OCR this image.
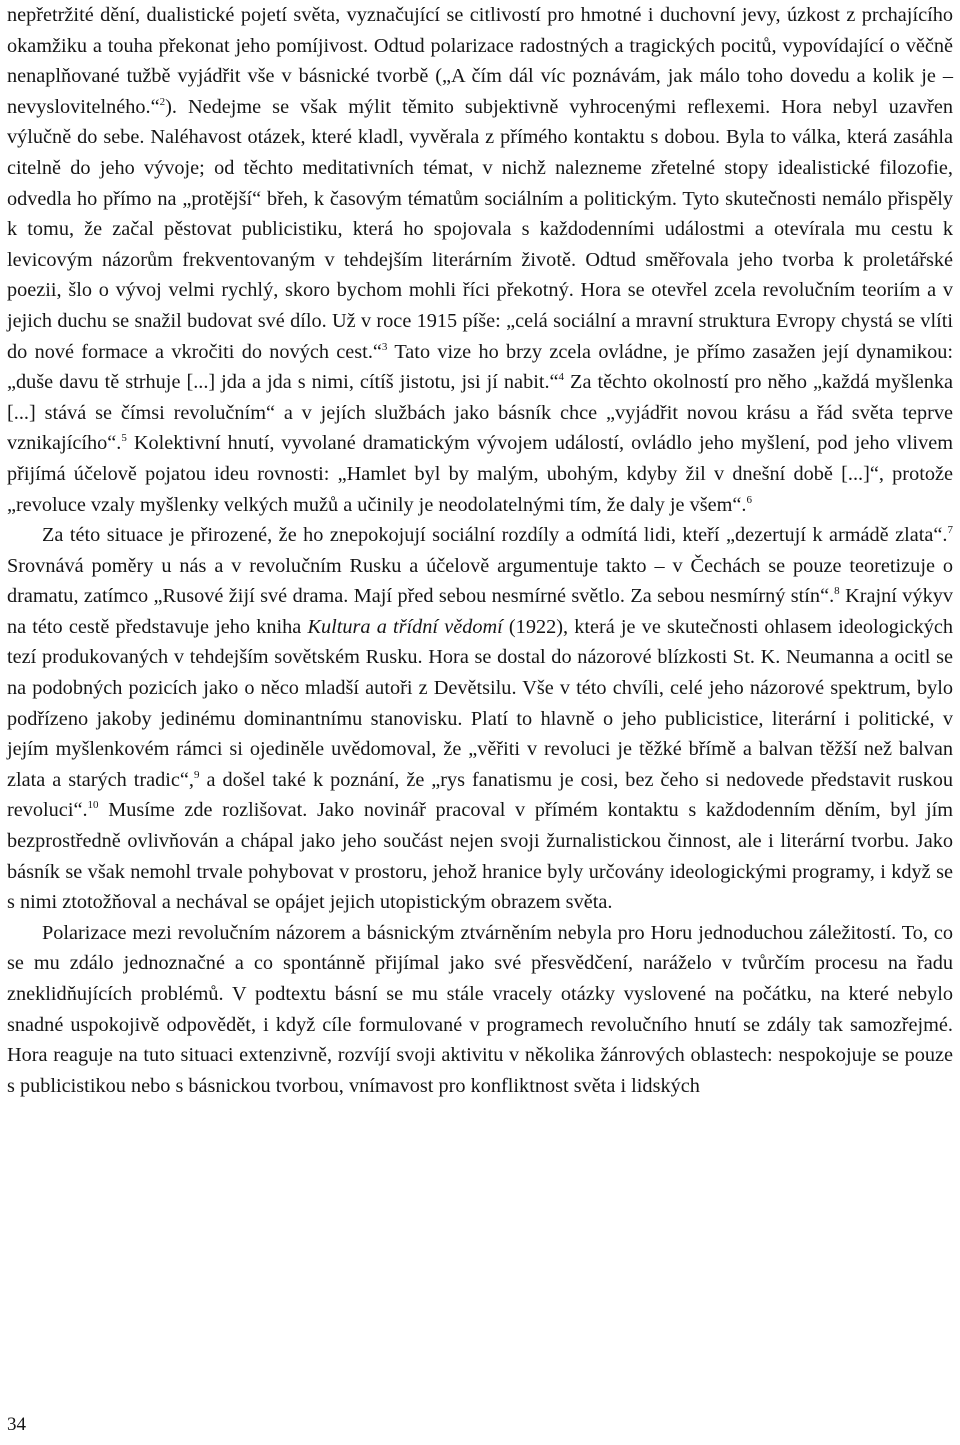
nepřetržité dění, dualistické pojetí světa, vyznačující se citlivostí pro hmotné i duchovní jevy, úzkost z prchajícího okamžiku a touha překonat jeho pomíjivost. Odtud polarizace radostných a tragických pocitů, vypovídající o věčně nenaplňované tužbě vyjádřit vše v básnické tvorbě („A čím dál víc poznávám, jak málo toho dovedu a kolik je – nevyslovitelného.“$^2$). Nedejme se však mýlit těmito subjektivně vyhrocenými reflexemi. Hora nebyl uzavřen výlučně do sebe. Naléhavost otázek, které kladl, vyvěrala z přímého kontaktu s dobou. Byla to válka, která zasáhla citelně do jeho vývoje; od těchto meditativních témat, v nichž nalezneme zřetelné stopy idealistické filozofie, odvedla ho přímo na „protější“ břeh, k časovým tématům sociálním a politickým. Tyto skutečnosti nemálo přispěly k tomu, že začal pěstovat publicistiku, která ho spojovala s každodenními událostmi a otevírala mu cestu k levicovým názorům frekventovaným v tehdejším literárním životě. Odtud směřovala jeho tvorba k proletářské poezii, šlo o vývoj velmi rychlý, skoro bychom mohli říci překotný. Hora se otevřel zcela revolučním teoriím a v jejich duchu se snažil budovat své dílo. Už v roce 1915 píše: „celá sociální a mravní struktura Evropy chystá se vlíti do nové formace a vkročiti do nových cest.“$^3$ Tato vize ho brzy zcela ovládne, je přímo zasažen její dynamikou: „duše davu tě strhuje [...] jda a jda s nimi, cítíš jistotu, jsi jí nabit.“$^4$ Za těchto okolností pro něho „každá myšlenka [...] stává se čímsi revolučním“ a v jejích službách jako básník chce „vyjádřit novou krásu a řád světa teprve vznikajícího“.$^5$ Kolektivní hnutí, vyvolané dramatickým vývojem událostí, ovládlo jeho myšlení, pod jeho vlivem přijímá účelově pojatou ideu rovnosti: „Hamlet byl by malým, ubohým, kdyby žil v dnešní době [...]“, protože „revoluce vzaly myšlenky velkých mužů a učinily je neodolatelnými tím, že daly je všem“.$^6$

Za této situace je přirozené, že ho znepokojují sociální rozdíly a odmítá lidi, kteří „dezertují k armádě zlata“.$^7$ Srovnává poměry u nás a v revolučním Rusku a účelově argumentuje takto – v Čechách se pouze teoretizuje o dramatu, zatímco „Rusové žijí své drama. Mají před sebou nesmírné světlo. Za sebou nesmírný stín“.$^8$ Krajní výkyv na této cestě představuje jeho kniha Kultura a třídní vědomí (1922), která je ve skutečnosti ohlasem ideologických tezí produkovaných v tehdejším sovětském Rusku. Hora se dostal do názorové blízkosti St. K. Neumanna a ocitl se na podobných pozicích jako o něco mladší autoři z Devětsilu. Vše v této chvíli, celé jeho názorové spektrum, bylo podřízeno jakoby jedinému dominantnímu stanovisku. Platí to hlavně o jeho publicistice, literární i politické, v jejím myšlenkovém rámci si ojediněle uvědomoval, že „věřiti v revoluci je těžké břímě a balvan těžší než balvan zlata a starých tradic“,$^9$ a došel také k poznání, že „rys fanatismu je cosi, bez čeho si nedovede představit ruskou revoluci“.$^{10}$ Musíme zde rozlišovat. Jako novinář pracoval v přímém kontaktu s každodenním děním, byl jím bezprostředně ovlivňován a chápal jako jeho součást nejen svoji žurnalistickou činnost, ale i literární tvorbu. Jako básník se však nemohl trvale pohybovat v prostoru, jehož hranice byly určovány ideologickými programy, i když se s nimi ztotožňoval a nechával se opájet jejich utopistickým obrazem světa.

Polarizace mezi revolučním názorem a básnickým ztvárněním nebyla pro Horu jednoduchou záležitostí. To, co se mu zdálo jednoznačné a co spontánně přijímal jako své přesvědčení, naráželo v tvůrčím procesu na řadu zneklidňujících problémů. V podtextu básní se mu stále vracely otázky vyslovené na počátku, na které nebylo snadné uspokojivě odpovědět, i když cíle formulované v programech revolučního hnutí se zdály tak samozřejmé. Hora reaguje na tuto situaci extenzivně, rozvíjí svoji aktivitu v několika žánrových oblastech: nespokojuje se pouze s publicistikou nebo s básnickou tvorbou, vnímavost pro konfliktnost světa i lidských

34
